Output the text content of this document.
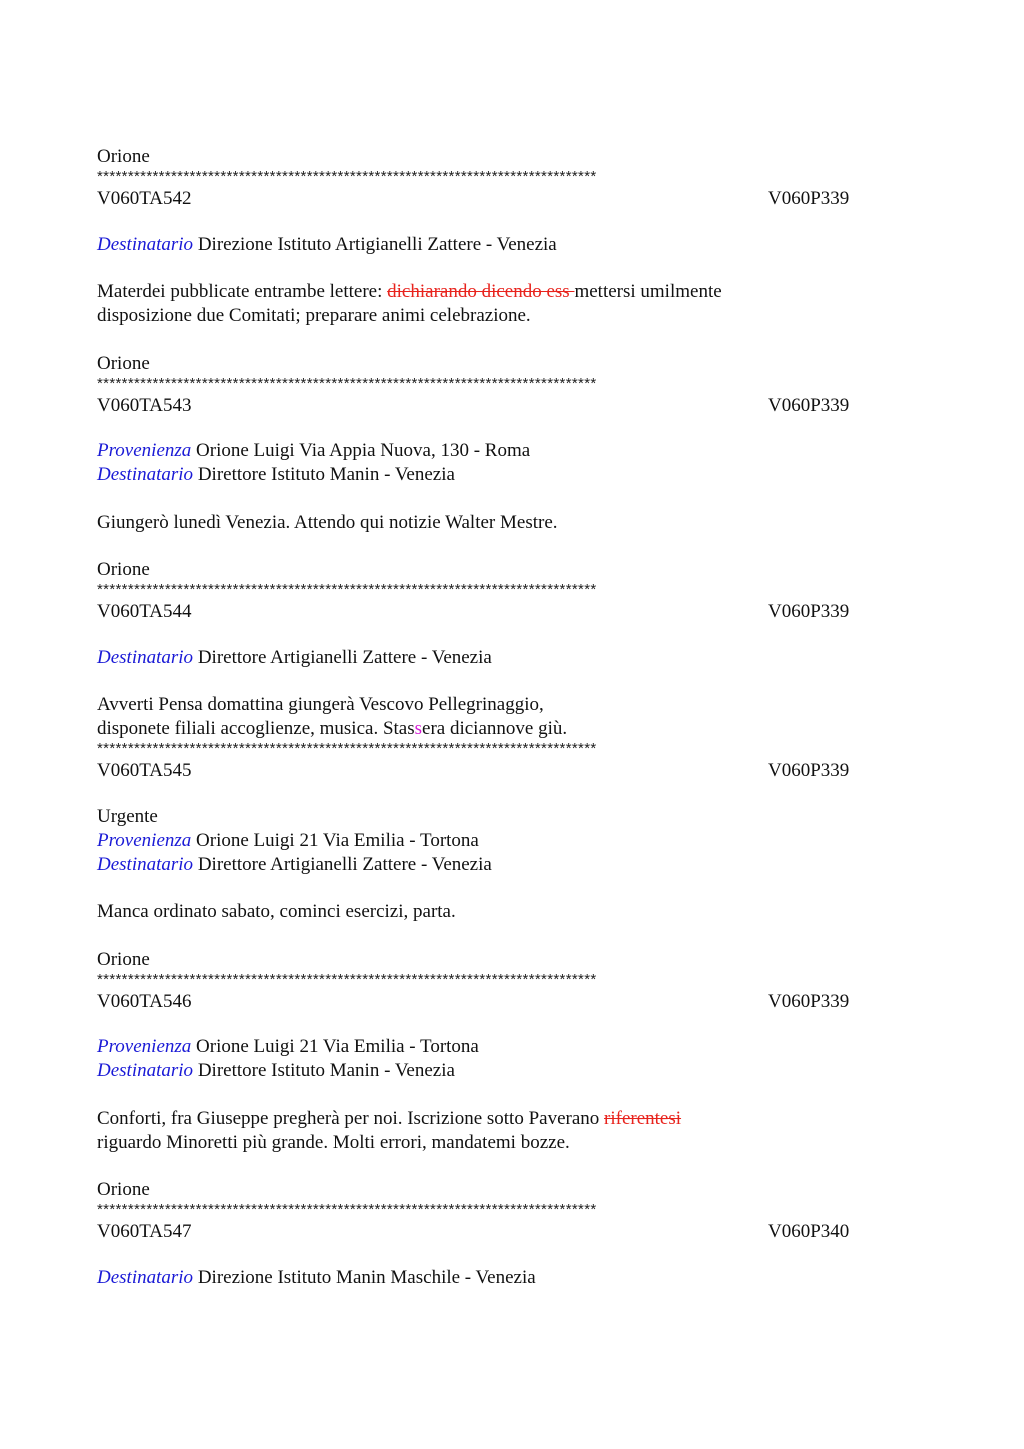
Orione
*********************************************************************************
V060TA542	V060P339
Destinatario Direzione Istituto Artigianelli Zattere - Venezia
Materdei pubblicate entrambe lettere: dichiarando dicendo ess mettersi umilmente
disposizione due Comitati; preparare animi celebrazione.
Orione
*********************************************************************************
V060TA543	V060P339
Provenienza Orione Luigi Via Appia Nuova, 130 - Roma
Destinatario Direttore Istituto Manin - Venezia
Giungerò lunedì Venezia. Attendo qui notizie Walter Mestre.
Orione
*********************************************************************************
V060TA544	V060P339
Destinatario Direttore Artigianelli Zattere - Venezia
Avverti Pensa domattina giungerà Vescovo Pellegrinaggio,
disponete filiali accoglienze, musica. Stassera diciannove giù.
*********************************************************************************
V060TA545	V060P339
Urgente
Provenienza Orione Luigi 21 Via Emilia - Tortona
Destinatario Direttore Artigianelli Zattere - Venezia
Manca ordinato sabato, cominci esercizi, parta.
Orione
*********************************************************************************
V060TA546	V060P339
Provenienza Orione Luigi 21 Via Emilia - Tortona
Destinatario Direttore Istituto Manin - Venezia
Conforti, fra Giuseppe pregherà per noi. Iscrizione sotto Paverano riferentesi
riguardo Minoretti più grande. Molti errori, mandatemi bozze.
Orione
*********************************************************************************
V060TA547	V060P340
Destinatario Direzione Istituto Manin Maschile - Venezia
